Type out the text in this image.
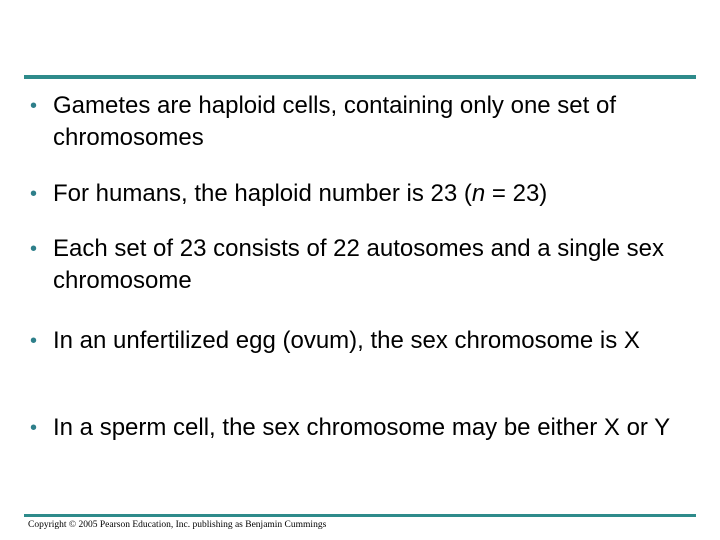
• Gametes are haploid cells, containing only one set of chromosomes
• For humans, the haploid number is 23 (n = 23)
• Each set of 23 consists of 22 autosomes and a single sex chromosome
• In an unfertilized egg (ovum), the sex chromosome is X
• In a sperm cell, the sex chromosome may be either X or Y
Copyright © 2005 Pearson Education, Inc. publishing as Benjamin Cummings
